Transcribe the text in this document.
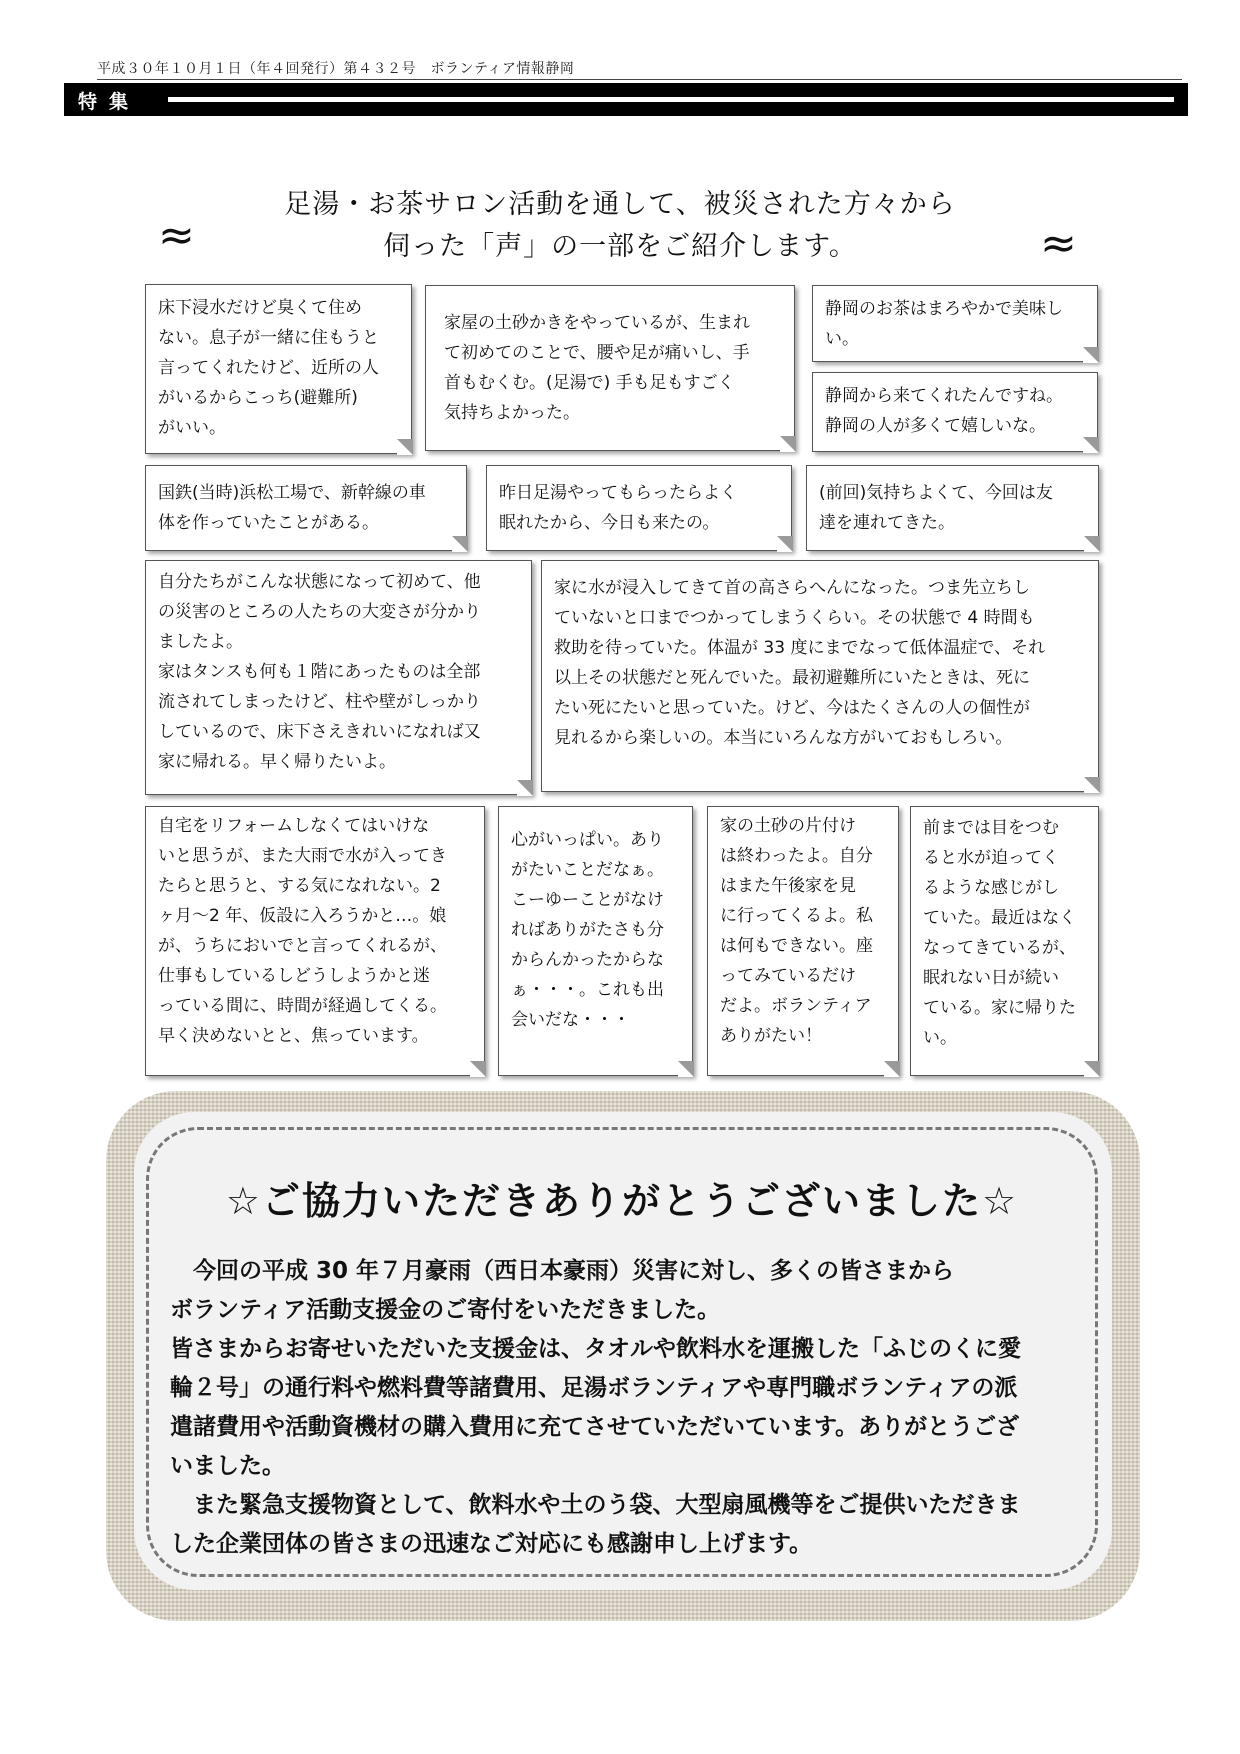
平成３０年１０月１日（年４回発行）第４３２号　ボランティア情報静岡
特集
足湯・お茶サロン活動を通して、被災された方々から
伺った「声」の一部をご紹介します。
≈	≈
床下浸水だけど臭くて住め
ない。息子が一緒に住もうと
言ってくれたけど、近所の人
がいるからこっち(避難所)
がいい。
家屋の土砂かきをやっているが、生まれ
て初めてのことで、腰や足が痛いし、手
首もむくむ。(足湯で) 手も足もすごく
気持ちよかった。
静岡のお茶はまろやかで美味し
い。
静岡から来てくれたんですね。
静岡の人が多くて嬉しいな。
国鉄(当時)浜松工場で、新幹線の車
体を作っていたことがある。
昨日足湯やってもらったらよく
眠れたから、今日も来たの。
(前回)気持ちよくて、今回は友
達を連れてきた。
自分たちがこんな状態になって初めて、他
の災害のところの人たちの大変さが分かり
ましたよ。
家はタンスも何も１階にあったものは全部
流されてしまったけど、柱や壁がしっかり
しているので、床下さえきれいになれば又
家に帰れる。早く帰りたいよ。
家に水が浸入してきて首の高さらへんになった。つま先立ちし
ていないと口までつかってしまうくらい。その状態で 4 時間も
救助を待っていた。体温が 33 度にまでなって低体温症で、それ
以上その状態だと死んでいた。最初避難所にいたときは、死に
たい死にたいと思っていた。けど、今はたくさんの人の個性が
見れるから楽しいの。本当にいろんな方がいておもしろい。
自宅をリフォームしなくてはいけな
いと思うが、また大雨で水が入ってき
たらと思うと、する気になれない。2
ヶ月～2 年、仮設に入ろうかと…。娘
が、うちにおいでと言ってくれるが、
仕事もしているしどうしようかと迷
っている間に、時間が経過してくる。
早く決めないとと、焦っています。
心がいっぱい。あり
がたいことだなぁ。
こーゆーことがなけ
ればありがたさも分
からんかったからな
ぁ・・・。これも出
会いだな・・・
家の土砂の片付け
は終わったよ。自分
はまた午後家を見
に行ってくるよ。私
は何もできない。座
ってみているだけ
だよ。ボランティア
ありがたい！
前までは目をつむ
ると水が迫ってく
るような感じがし
ていた。最近はなく
なってきているが、
眠れない日が続い
ている。家に帰りた
い。
☆ご協力いただきありがとうございました☆
　今回の平成 30 年７月豪雨（西日本豪雨）災害に対し、多くの皆さまから
ボランティア活動支援金のご寄付をいただきました。
皆さまからお寄せいただいた支援金は、タオルや飲料水を運搬した「ふじのくに愛
輪２号」の通行料や燃料費等諸費用、足湯ボランティアや専門職ボランティアの派
遣諸費用や活動資機材の購入費用に充てさせていただいています。ありがとうござ
いました。
　また緊急支援物資として、飲料水や土のう袋、大型扇風機等をご提供いただきま
した企業団体の皆さまの迅速なご対応にも感謝申し上げます。
